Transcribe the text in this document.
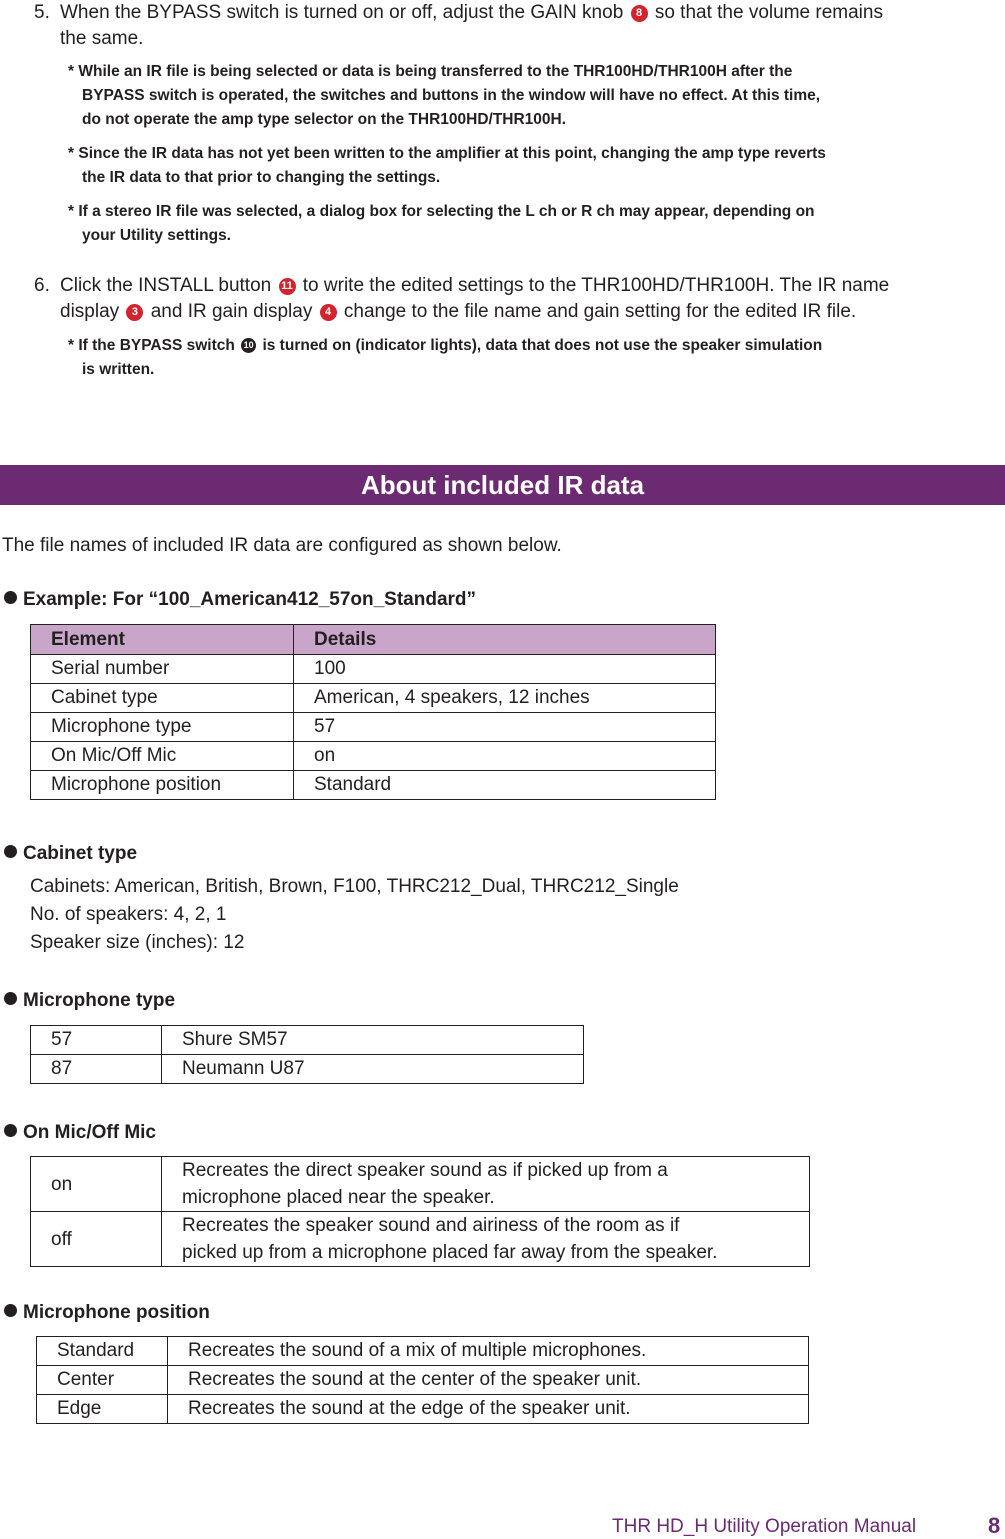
5. When the BYPASS switch is turned on or off, adjust the GAIN knob 8 so that the volume remains
the same.
* While an IR file is being selected or data is being transferred to the THR100HD/THR100H after the
BYPASS switch is operated, the switches and buttons in the window will have no effect. At this time,
do not operate the amp type selector on the THR100HD/THR100H.
* Since the IR data has not yet been written to the amplifier at this point, changing the amp type reverts
the IR data to that prior to changing the settings.
* If a stereo IR file was selected, a dialog box for selecting the L ch or R ch may appear, depending on
your Utility settings.
6. Click the INSTALL button 11 to write the edited settings to the THR100HD/THR100H. The IR name
display 3 and IR gain display 4 change to the file name and gain setting for the edited IR file.
* If the BYPASS switch 10 is turned on (indicator lights), data that does not use the speaker simulation
is written.
About included IR data
The file names of included IR data are configured as shown below.
Example: For “100_American412_57on_Standard”
Element	Details
Serial number	100
Cabinet type	American, 4 speakers, 12 inches
Microphone type	57
On Mic/Off Mic	on
Microphone position	Standard
Cabinet type
Cabinets: American, British, Brown, F100, THRC212_Dual, THRC212_Single
No. of speakers: 4, 2, 1
Speaker size (inches): 12
Microphone type
57	Shure SM57
87	Neumann U87
On Mic/Off Mic
on	Recreates the direct speaker sound as if picked up from a
microphone placed near the speaker.
off	Recreates the speaker sound and airiness of the room as if
picked up from a microphone placed far away from the speaker.
Microphone position
Standard	Recreates the sound of a mix of multiple microphones.
Center	Recreates the sound at the center of the speaker unit.
Edge	Recreates the sound at the edge of the speaker unit.
THR HD_H Utility Operation Manual	8
